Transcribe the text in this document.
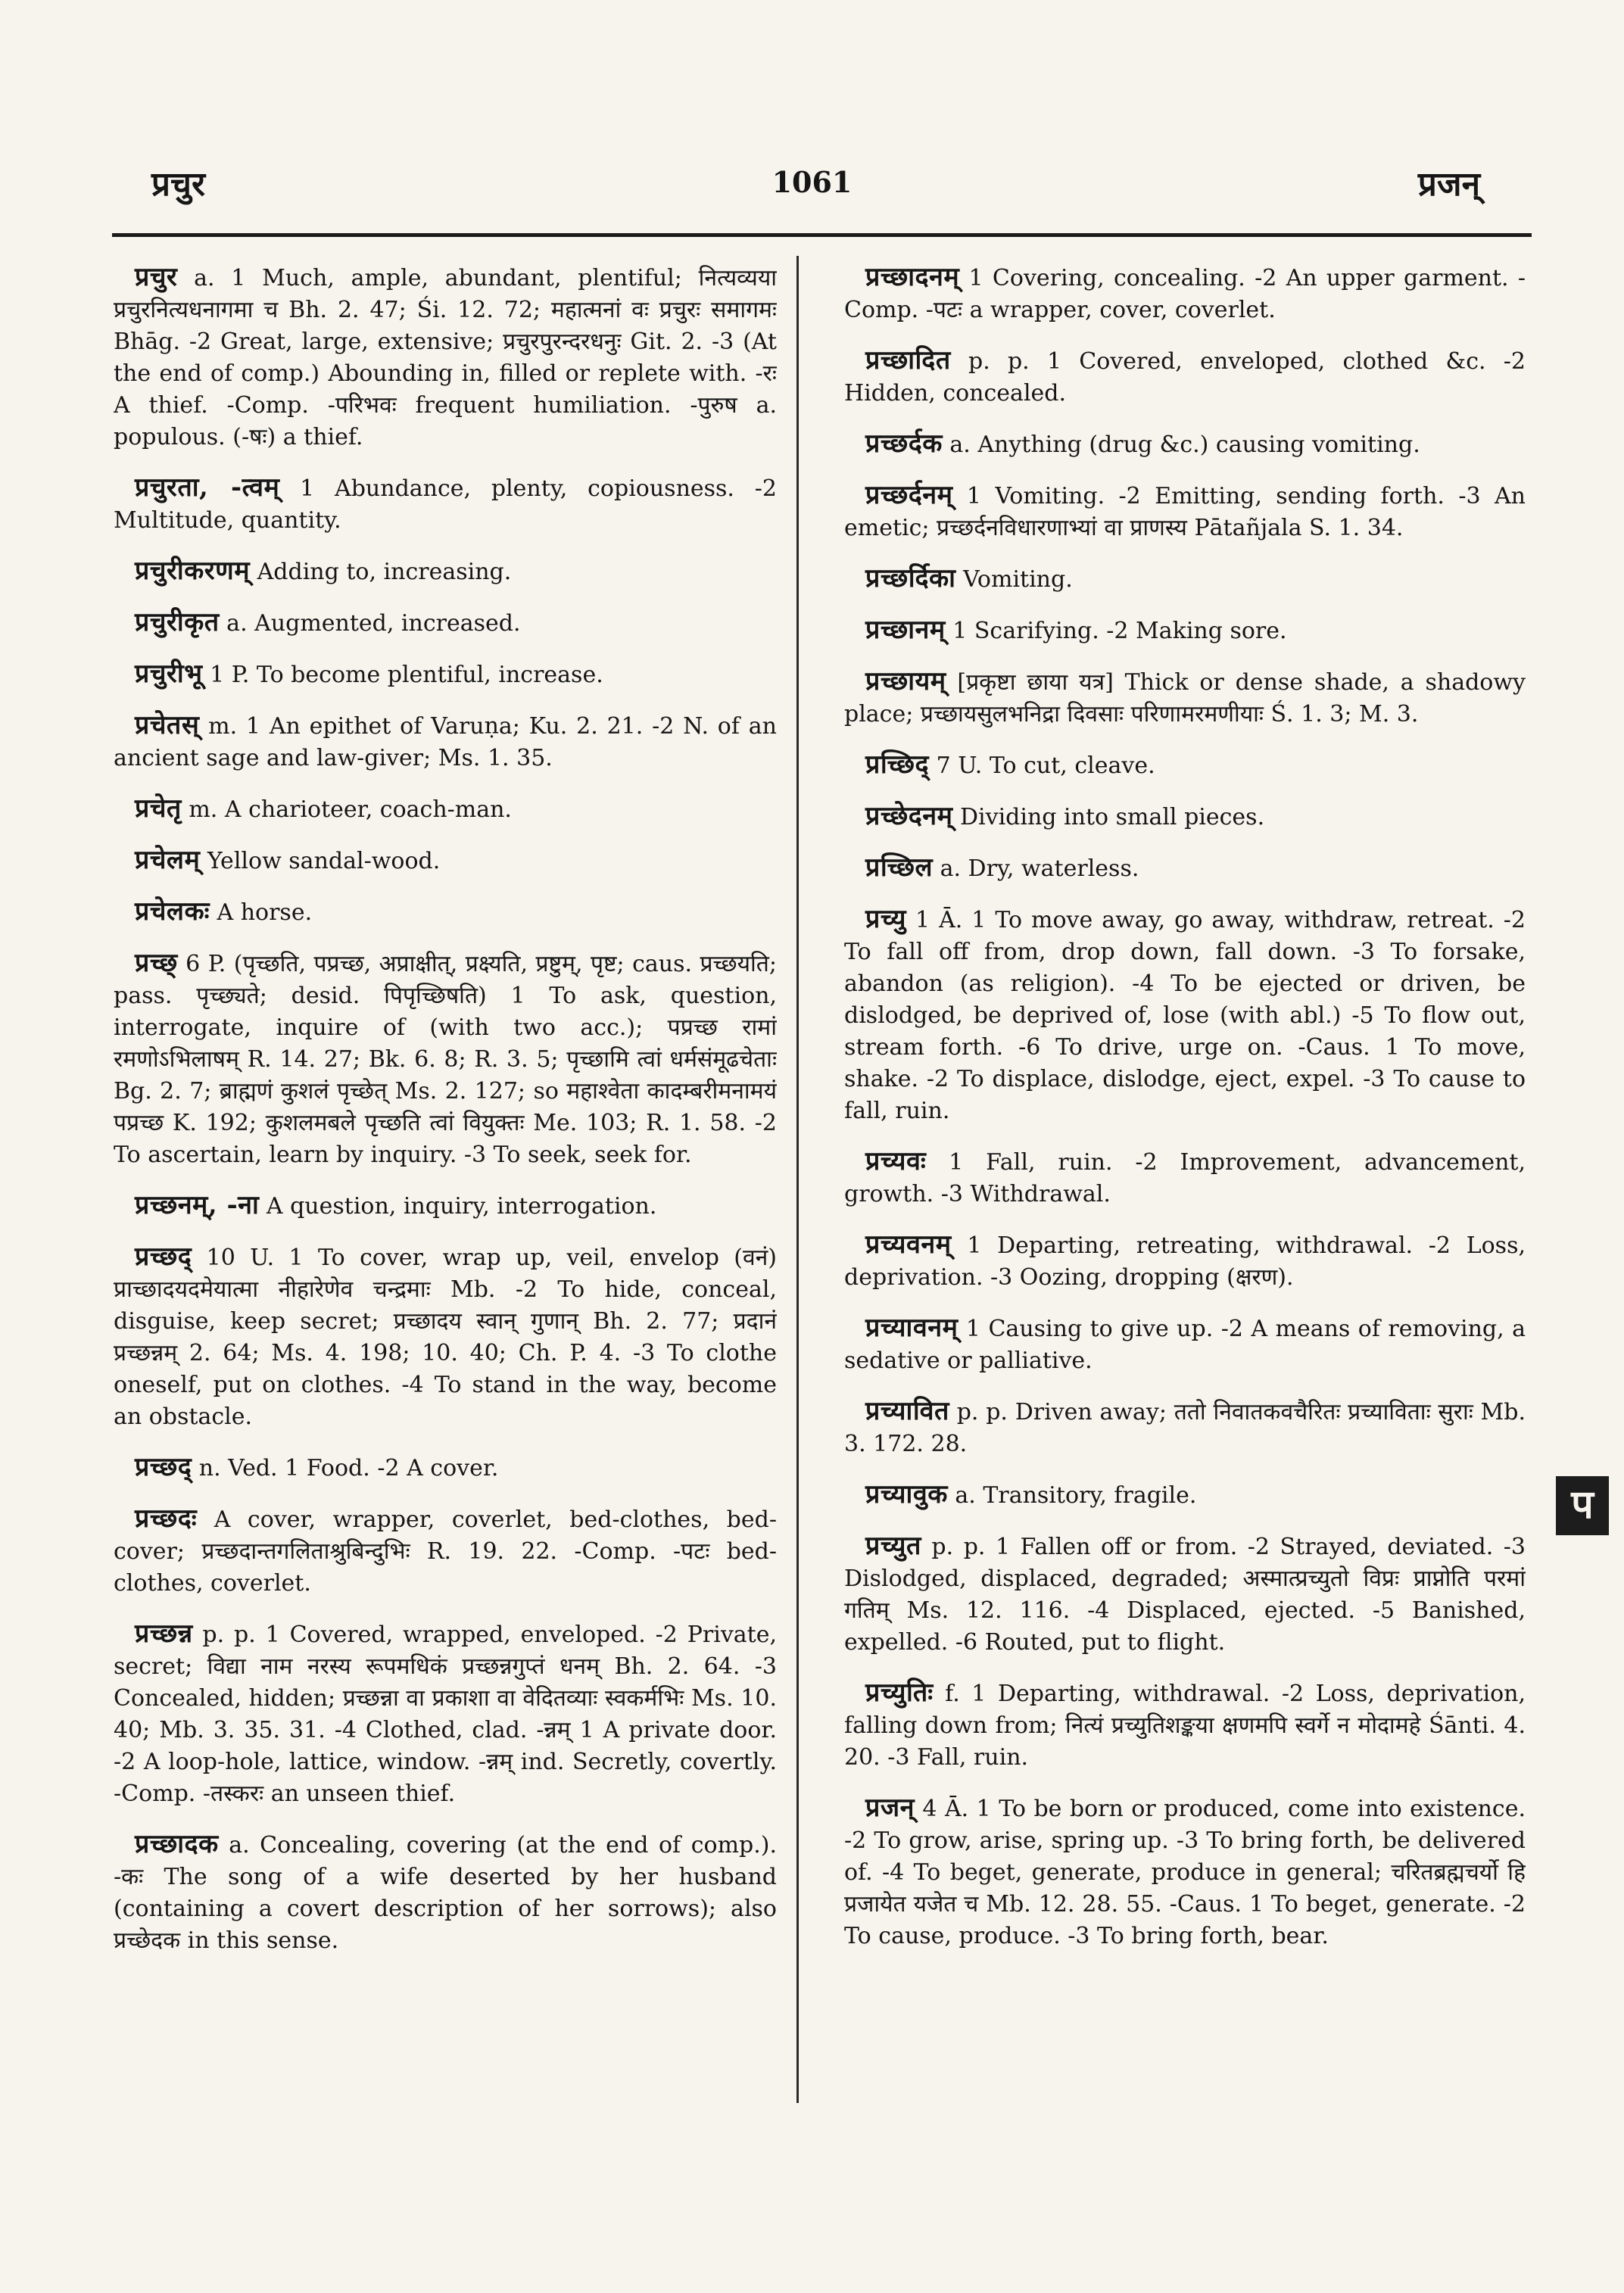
प्रचुर	1061	प्रजन्

प्रचुर a. 1 Much, ample, abundant, plentiful; नित्यव्यया प्रचुरनित्यधनागमा च Bh. 2. 47; Śi. 12. 72; महात्मनां वः प्रचुरः समागमः Bhāg. -2 Great, large, extensive; प्रचुरपुरन्दरधनुः Git. 2. -3 (At the end of comp.) Abounding in, filled or replete with. -रः A thief. -Comp. -परिभवः frequent humiliation. -पुरुष a. populous. (-षः) a thief.

प्रचुरता, -त्वम् 1 Abundance, plenty, copiousness. -2 Multitude, quantity.

प्रचुरीकरणम् Adding to, increasing.

प्रचुरीकृत a. Augmented, increased.

प्रचुरीभू 1 P. To become plentiful, increase.

प्रचेतस् m. 1 An epithet of Varuṇa; Ku. 2. 21. -2 N. of an ancient sage and law-giver; Ms. 1. 35.

प्रचेतृ m. A charioteer, coach-man.

प्रचेलम् Yellow sandal-wood.

प्रचेलकः A horse.

प्रच्छ् 6 P. (पृच्छति, पप्रच्छ, अप्राक्षीत्, प्रक्ष्यति, प्रष्टुम्, पृष्ट; caus. प्रच्छयति; pass. पृच्छ्यते; desid. पिपृच्छिषति) 1 To ask, question, interrogate, inquire of (with two acc.); पप्रच्छ रामां रमणोऽभिलाषम् R. 14. 27; Bk. 6. 8; R. 3. 5; पृच्छामि त्वां धर्मसंमूढचेताः Bg. 2. 7; ब्राह्मणं कुशलं पृच्छेत् Ms. 2. 127; so महाश्वेता कादम्बरीमनामयं पप्रच्छ K. 192; कुशलमबले पृच्छति त्वां वियुक्तः Me. 103; R. 1. 58. -2 To ascertain, learn by inquiry. -3 To seek, seek for.

प्रच्छनम्, -ना A question, inquiry, interrogation.

प्रच्छद् 10 U. 1 To cover, wrap up, veil, envelop (वनं) प्राच्छादयदमेयात्मा नीहारेणेव चन्द्रमाः Mb. -2 To hide, conceal, disguise, keep secret; प्रच्छादय स्वान् गुणान् Bh. 2. 77; प्रदानं प्रच्छन्नम् 2. 64; Ms. 4. 198; 10. 40; Ch. P. 4. -3 To clothe oneself, put on clothes. -4 To stand in the way, become an obstacle.

प्रच्छद् n. Ved. 1 Food. -2 A cover.

प्रच्छदः A cover, wrapper, coverlet, bed-clothes, bed-cover; प्रच्छदान्तगलिताश्रुबिन्दुभिः R. 19. 22. -Comp. -पटः bed-clothes, coverlet.

प्रच्छन्न p. p. 1 Covered, wrapped, enveloped. -2 Private, secret; विद्या नाम नरस्य रूपमधिकं प्रच्छन्नगुप्तं धनम् Bh. 2. 64. -3 Concealed, hidden; प्रच्छन्ना वा प्रकाशा वा वेदितव्याः स्वकर्मभिः Ms. 10. 40; Mb. 3. 35. 31. -4 Clothed, clad. -न्नम् 1 A private door. -2 A loop-hole, lattice, window. -न्नम् ind. Secretly, covertly. -Comp. -तस्करः an unseen thief.

प्रच्छादक a. Concealing, covering (at the end of comp.). -कः The song of a wife deserted by her husband (containing a covert description of her sorrows); also प्रच्छेदक in this sense.

प्रच्छादनम् 1 Covering, concealing. -2 An upper garment. -Comp. -पटः a wrapper, cover, coverlet.

प्रच्छादित p. p. 1 Covered, enveloped, clothed &c. -2 Hidden, concealed.

प्रच्छर्दक a. Anything (drug &c.) causing vomiting.

प्रच्छर्दनम् 1 Vomiting. -2 Emitting, sending forth. -3 An emetic; प्रच्छर्दनविधारणाभ्यां वा प्राणस्य Pātañjala S. 1. 34.

प्रच्छर्दिका Vomiting.

प्रच्छानम् 1 Scarifying. -2 Making sore.

प्रच्छायम् [प्रकृष्टा छाया यत्र] Thick or dense shade, a shadowy place; प्रच्छायसुलभनिद्रा दिवसाः परिणामरमणीयाः Ś. 1. 3; M. 3.

प्रच्छिद् 7 U. To cut, cleave.

प्रच्छेदनम् Dividing into small pieces.

प्रच्छिल a. Dry, waterless.

प्रच्यु 1 Ā. 1 To move away, go away, withdraw, retreat. -2 To fall off from, drop down, fall down. -3 To forsake, abandon (as religion). -4 To be ejected or driven, be dislodged, be deprived of, lose (with abl.) -5 To flow out, stream forth. -6 To drive, urge on. -Caus. 1 To move, shake. -2 To displace, dislodge, eject, expel. -3 To cause to fall, ruin.

प्रच्यवः 1 Fall, ruin. -2 Improvement, advancement, growth. -3 Withdrawal.

प्रच्यवनम् 1 Departing, retreating, withdrawal. -2 Loss, deprivation. -3 Oozing, dropping (क्षरण).

प्रच्यावनम् 1 Causing to give up. -2 A means of removing, a sedative or palliative.

प्रच्यावित p. p. Driven away; ततो निवातकवचैरितः प्रच्याविताः सुराः Mb. 3. 172. 28.

प्रच्यावुक a. Transitory, fragile.

प्रच्युत p. p. 1 Fallen off or from. -2 Strayed, deviated. -3 Dislodged, displaced, degraded; अस्मात्प्रच्युतो विप्रः प्राप्नोति परमां गतिम् Ms. 12. 116. -4 Displaced, ejected. -5 Banished, expelled. -6 Routed, put to flight.

प्रच्युतिः f. 1 Departing, withdrawal. -2 Loss, deprivation, falling down from; नित्यं प्रच्युतिशङ्कया क्षणमपि स्वर्गे न मोदामहे Śānti. 4. 20. -3 Fall, ruin.

प्रजन् 4 Ā. 1 To be born or produced, come into existence. -2 To grow, arise, spring up. -3 To bring forth, be delivered of. -4 To beget, generate, produce in general; चरितब्रह्मचर्यो हि प्रजायेत यजेत च Mb. 12. 28. 55. -Caus. 1 To beget, generate. -2 To cause, produce. -3 To bring forth, bear.

प
